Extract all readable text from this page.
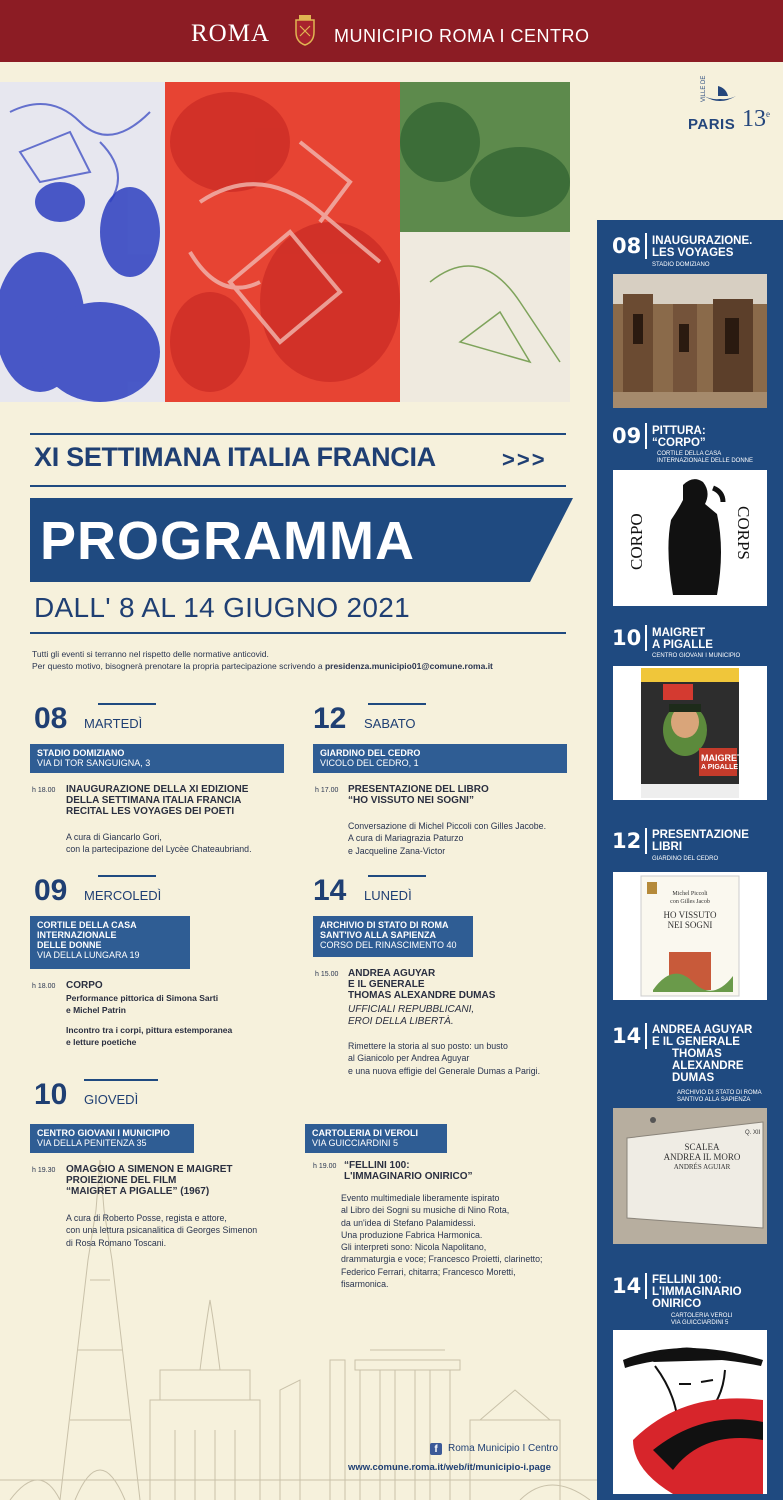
ROMA	MUNICIPIO ROMA I CENTRO
VILLE DE
PARIS 13e
XI SETTIMANA ITALIA FRANCIA	>>>
PROGRAMMA
DALL' 8 AL 14 GIUGNO 2021
Tutti gli eventi si terranno nel rispetto delle normative anticovid.
Per questo motivo, bisognerà prenotare la propria partecipazione scrivendo a presidenza.municipio01@comune.roma.it
08 MARTEDÌ
STADIO DOMIZIANO
VIA DI TOR SANGUIGNA, 3
h 18.00 INAUGURAZIONE DELLA XI EDIZIONE
DELLA SETTIMANA ITALIA FRANCIA
RECITAL LES VOYAGES DEI POETI
A cura di Giancarlo Gori,
con la partecipazione del Lycèe Chateaubriand.
12 SABATO
GIARDINO DEL CEDRO
VICOLO DEL CEDRO, 1
h 17.00 PRESENTAZIONE DEL LIBRO
“HO VISSUTO NEI SOGNI”
Conversazione di Michel Piccoli con Gilles Jacobe.
A cura di Mariagrazia Paturzo
e Jacqueline Zana-Victor
09 MERCOLEDÌ
CORTILE DELLA CASA
INTERNAZIONALE
DELLE DONNE
VIA DELLA LUNGARA 19
h 18.00 CORPO
Performance pittorica di Simona Sarti
e Michel Patrin
Incontro tra i corpi, pittura estemporanea
e letture poetiche
14 LUNEDÌ
ARCHIVIO DI STATO DI ROMA
SANT'IVO ALLA SAPIENZA
CORSO DEL RINASCIMENTO 40
h 15.00 ANDREA AGUYAR
E IL GENERALE
THOMAS ALEXANDRE DUMAS
UFFICIALI REPUBBLICANI,
EROI DELLA LIBERTÀ.
Rimettere la storia al suo posto: un busto
al Gianicolo per Andrea Aguyar
e una nuova effigie del Generale Dumas a Parigi.
10 GIOVEDÌ
CENTRO GIOVANI I MUNICIPIO
VIA DELLA PENITENZA 35
h 19.30 OMAGGIO A SIMENON E MAIGRET
PROIEZIONE DEL FILM
“MAIGRET A PIGALLE” (1967)
A cura di Roberto Posse, regista e attore,
con una lettura psicanalitica di Georges Simenon
di Rosa Romano Toscani.
CARTOLERIA DI VEROLI
VIA GUICCIARDINI 5
h 19.00 “FELLINI 100:
L'IMMAGINARIO ONIRICO”
Evento multimediale liberamente ispirato
al Libro dei Sogni su musiche di Nino Rota,
da un'idea di Stefano Palamidessi.
Una produzione Fabrica Harmonica.
Gli interpreti sono: Nicola Napolitano,
drammaturgia e voce; Francesco Proietti, clarinetto;
Federico Ferrari, chitarra; Francesco Moretti,
fisarmonica.
f	Roma Municipio I Centro
www.comune.roma.it/web/it/municipio-i.page
08 INAUGURAZIONE.
LES VOYAGES
STADIO DOMIZIANO
09 PITTURA:
“CORPO”
CORTILE DELLA CASA
INTERNAZIONALE DELLE DONNE
CORPO	CORPS
10 MAIGRET
A PIGALLE
CENTRO GIOVANI I MUNICIPIO
MAIGRET
A PIGALLE
12 PRESENTAZIONE
LIBRI
GIARDINO DEL CEDRO
Michel Piccoli
con Gilles Jacob
HO VISSUTO
NEI SOGNI
14 ANDREA AGUYAR
E IL GENERALE
THOMAS
ALEXANDRE
DUMAS
ARCHIVIO DI STATO DI ROMA
SANTIVO ALLA SAPIENZA
Q. XII
SCALEA
ANDREA IL MORO
ANDRÉS AGUIAR
14 FELLINI 100:
L'IMMAGINARIO
ONIRICO
CARTOLERIA VEROLI
VIA GUICCIARDINI 5
